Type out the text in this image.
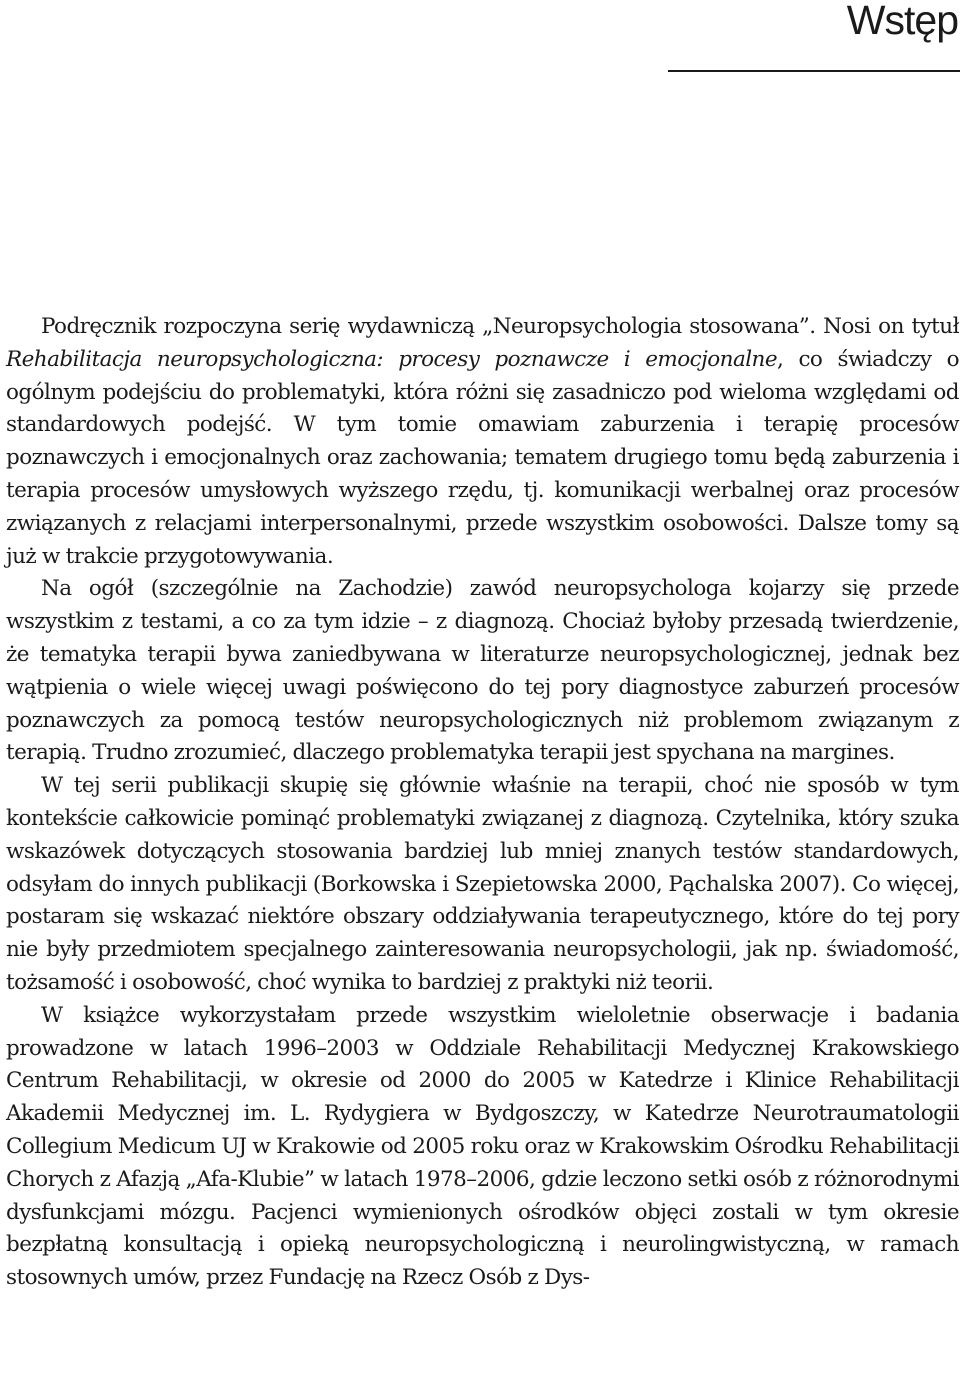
Wstęp

Podręcznik rozpoczyna serię wydawniczą „Neuropsychologia stosowana”. Nosi on tytuł Rehabilitacja neuropsychologiczna: procesy poznawcze i emocjonalne, co świadczy o ogólnym podejściu do problematyki, która różni się zasadniczo pod wieloma względami od standardowych podejść. W tym tomie omawiam zaburzenia i terapię procesów poznawczych i emocjonalnych oraz zachowania; tematem drugiego tomu będą zaburzenia i terapia procesów umysłowych wyższego rzędu, tj. komunikacji werbalnej oraz procesów związanych z relacjami interpersonalnymi, przede wszystkim osobowości. Dalsze tomy są już w trakcie przygotowywania.

Na ogół (szczególnie na Zachodzie) zawód neuropsychologa kojarzy się przede wszystkim z testami, a co za tym idzie – z diagnozą. Chociaż byłoby przesadą twierdzenie, że tematyka terapii bywa zaniedbywana w literaturze neuropsychologicznej, jednak bez wątpienia o wiele więcej uwagi poświęcono do tej pory diagnostyce zaburzeń procesów poznawczych za pomocą testów neuropsychologicznych niż problemom związanym z terapią. Trudno zrozumieć, dlaczego problematyka terapii jest spychana na margines.

W tej serii publikacji skupię się głównie właśnie na terapii, choć nie sposób w tym kontekście całkowicie pominąć problematyki związanej z diagnozą. Czytelnika, który szuka wskazówek dotyczących stosowania bardziej lub mniej znanych testów standardowych, odsyłam do innych publikacji (Borkowska i Szepietowska 2000, Pąchalska 2007). Co więcej, postaram się wskazać niektóre obszary oddziaływania terapeutycznego, które do tej pory nie były przedmiotem specjalnego zainteresowania neuropsychologii, jak np. świadomość, tożsamość i osobowość, choć wynika to bardziej z praktyki niż teorii.

W książce wykorzystałam przede wszystkim wieloletnie obserwacje i badania prowadzone w latach 1996–2003 w Oddziale Rehabilitacji Medycznej Krakowskiego Centrum Rehabilitacji, w okresie od 2000 do 2005 w Katedrze i Klinice Rehabilitacji Akademii Medycznej im. L. Rydygiera w Bydgoszczy, w Katedrze Neurotraumatologii Collegium Medicum UJ w Krakowie od 2005 roku oraz w Krakowskim Ośrodku Rehabilitacji Chorych z Afazją „Afa-Klubie” w latach 1978–2006, gdzie leczono setki osób z różnorodnymi dysfunkcjami mózgu. Pacjenci wymienionych ośrodków objęci zostali w tym okresie bezpłatną konsultacją i opieką neuropsychologiczną i neurolingwistyczną, w ramach stosownych umów, przez Fundację na Rzecz Osób z Dys-
